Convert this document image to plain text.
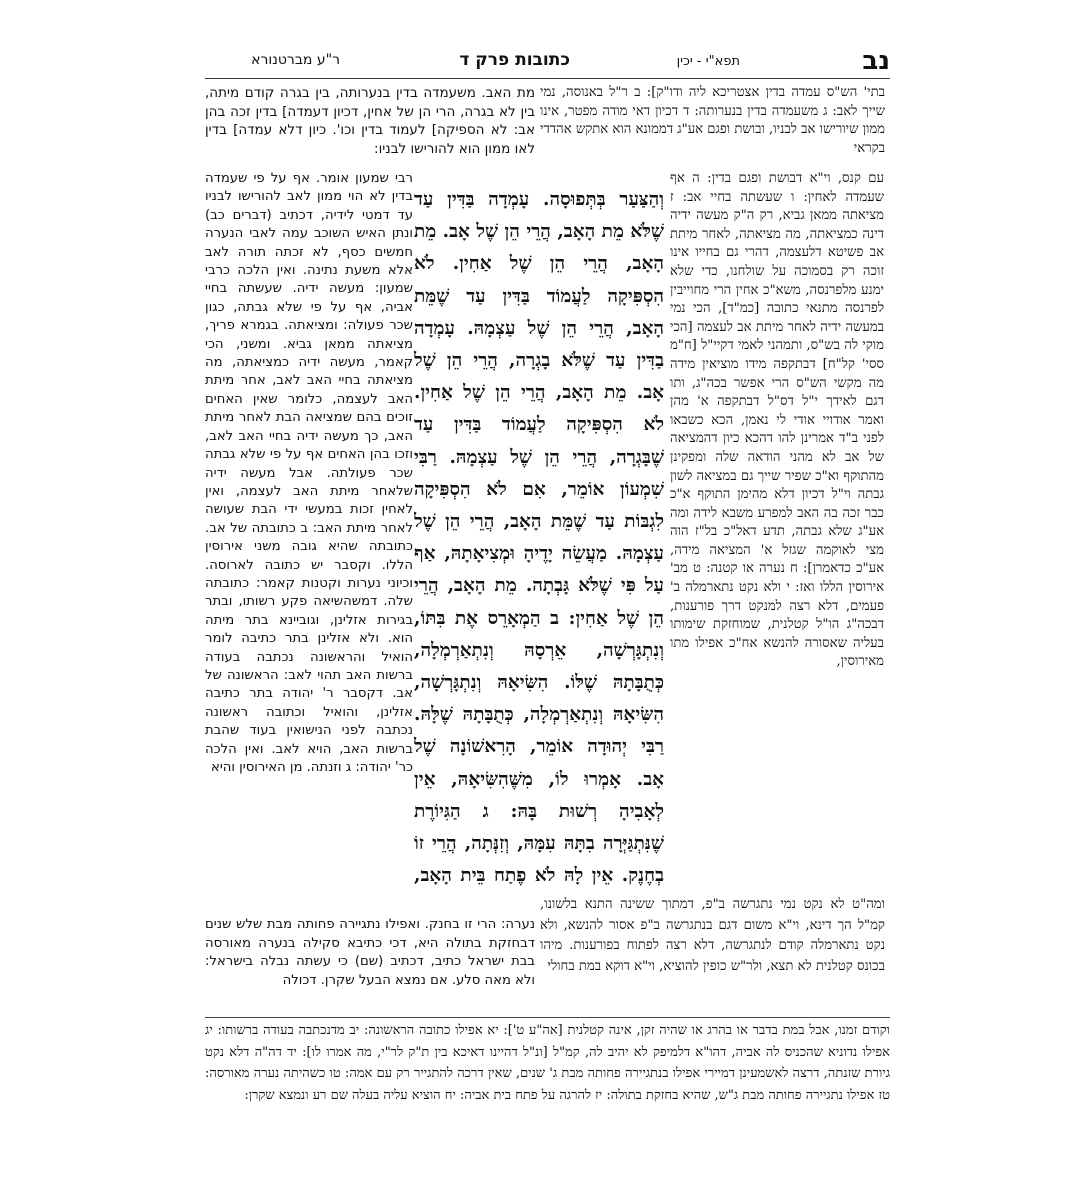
נב
תפא"י - יכין
כתובות פרק ד
ר"ע מברטנורא
בתי' הש"ס עמדה בדין אצטריכא ליה ודו"ק]: ב ר"ל באנוסה, נמי שייך לאב: ג משעמדה בדין בנערותה: ד דכיון דאי מודה מפטר, אינו ממון שיורישו אב לבניו, ובושת ופגם אע"ג דממונא הוא אתקש אהדדי בקראי
מת האב. משעמדה בדין בנערותה, בין בגרה קודם מיתה, בין לא בגרה, הרי הן של אחין, דכיון דעמדה] בדין זכה בהן אב: לא הספיקה] לעמוד בדין וכו'. כיון דלא עמדה] בדין לאו ממון הוא להורישו לבניו:
עם קנס, וי"א דבושת ופגם בדין: ה אף שעמדה לאחין: ו שעשתה בחיי אב: ז מציאתה ממאן גביא, רק ה"ק מעשה ידיה דינה כמציאתה, מה מציאתה, לאחר מיתת אב פשיטא דלעצמה, דהרי גם בחייו אינו זוכה רק בסמוכה על שולחנו, כדי שלא ימנע מלפרנסה, משא"כ אחין הרי מחוייבין לפרנסה מתנאי כתובה [כמ"ד], הכי נמי במעשה ידיה לאחר מיתת אב לעצמה [הכי מוקי לה בש"ס, ותמהני לאמי דקיי"ל [ח"מ ססי' קל"ח] דבתקפה מידו מוציאין מידה מה מקשי הש"ס הרי אפשר בכה"ג, ותו דגם לאידך י"ל דס"ל דבתקפה א' מהן ואמר אודויי אודי לי נאמן, הכא כשבאו לפני ב"ד אמרינן להו דהכא כיון דהמציאה של אב לא מהני הודאה שלה ומפקינן מהתוקף וא"כ שפיר שייך גם במציאה לשון גבתה וי"ל דכיון דלא מהימן התוקף א"כ כבר זכה בה האב למפרע משבא לידה ומה אע"ג שלא גבתה, תדע דאל"כ בל"ז הוה מצי לאוקמה שגזל א' המציאה מידה, אע"כ כדאמרן]: ח נערה או קטנה: ט מב' אירוסין הללו ואז: י ולא נקט נתארמלה ב' פעמים, דלא רצה למנקט דרך פורענות, דבכה"ג הו"ל קטלנית, שמוחזקת שימותו בעליה שאסורה להנשא אח"כ אפילו מתו מאירוסין,
רבי שמעון אומר. אף על פי שעמדה בדין לא הוי ממון לאב להורישו לבניו עד דמטי לידיה, דכתיב (דברים כב) ונתן האיש השוכב עמה לאבי הנערה חמשים כסף, לא זכתה תורה לאב אלא משעת נתינה. ואין הלכה כרבי שמעון: מעשה ידיה. שעשתה בחיי אביה, אף על פי שלא גבתה, כגון שכר פעולה: ומציאתה. בגמרא פריך, מציאתה ממאן גביא. ומשני, הכי קאמר, מעשה ידיה כמציאתה, מה מציאתה בחיי האב לאב, אחר מיתת האב לעצמה, כלומר שאין האחים זוכים בהם שמציאה הבת לאחר מיתת האב, כך מעשה ידיה בחיי האב לאב, וזכו בהן האחים אף על פי שלא גבתה שכר פעולתה. אבל מעשה ידיה שלאחר מיתת האב לעצמה, ואין לאחין זכות במעשי ידי הבת שעושה לאחר מיתת האב: ב כתובתה של אב. כתובתה שהיא גובה משני אירוסין הללו. וקסבר יש כתובה לארוסה. וכיוני נערות וקטנות קאמר: כתובתה שלה. דמשהשיאה פקע רשותו, ובתר בגירות אזלינן, וגוביינא בתר מיתה הוא. ולא אזלינן בתר כתיבה לומר הואיל והראשונה נכתבה בעודה ברשות האב תהוי לאב: הראשונה של אב. דקסבר ר' יהודה בתר כתיבה אזלינן, והואיל וכתובה ראשונה נכתבה לפני הנישואין בעוד שהבת ברשות האב, הויא לאב. ואין הלכה כר' יהודה: ג וזנתה. מן האירוסין והיא
וְהַצַּעַר בְּתְּפוּסָה. עָמְדָה בַּדִּין עַד שֶׁלֹּא מֵת הָאָב, הֲרֵי הֵן שֶׁל אָב. מֵת הָאָב, הֲרֵי הֵן שֶׁל אַחִין. לֹא הִסְפִּיקָה לַעֲמוֹד בַּדִּין עַד שֶׁמֵּת הָאָב, הֲרֵי הֵן שֶׁל עַצְמָהּ. עָמְדָה בַדִּין עַד שֶׁלֹּא בָגְרָה, הֲרֵי הֵן שֶׁל אָב. מֵת הָאָב, הֲרֵי הֵן שֶׁל אַחִין. לֹא הִסְפִּיקָה לַעֲמוֹד בַּדִּין עַד שֶׁבָּגְרָה, הֲרֵי הֵן שֶׁל עַצְמָהּ. רַבִּי שִׁמְעוֹן אוֹמֵר, אִם לֹא הִסְפִּיקָה לִגְבּוֹת עַד שֶׁמֵּת הָאָב, הֲרֵי הֵן שֶׁל עַצְמָהּ. מַעֲשֵׂה יָדֶיהָ וּמְצִיאָתָהּ, אַף עַל פִּי שֶׁלֹּא גָּבְתָה. מֵת הָאָב, הֲרֵי הֵן שֶׁל אַחִין: ב הַמְאָרֵס אֶת בִּתּוֹ, וְנִתְגָּרְשָׁה, אֵרְסָהּ וְנִתְאַרְמְלָה, כְּתֻבָּתָהּ שֶׁלּוֹ. הִשִּׂיאָהּ וְנִתְגָּרְשָׁה, הִשִּׂיאָהּ וְנִתְאַרְמְלָה, כְּתֻבָּתָהּ שֶׁלָּהּ. רַבִּי יְהוּדָה אוֹמֵר, הָרִאשׁוֹנָה שֶׁל אָב. אָמְרוּ לוֹ, מִשֶּׁהִשִּׂיאָהּ, אֵין לְאָבִיהָ רְשׁוּת בָּהּ: ג הַגִּיוֹרֶת שֶׁנִּתְגַּיְּרָה בִתָּהּ עִמָּהּ, וְזִנְּתָה, הֲרֵי זוֹ בְחֶנֶק. אֵין לָהּ לֹא פֶתַח בֵּית הָאָב,
ומה"ט לא נקט נמי נתגרשה ב"פ, דמתוך ששינה התנא בלשונו, קמ"ל הך דינא, וי"א משום דגם בנתגרשה ב"פ אסור להנשא, ולא נקט נתארמלה קודם לנתגרשה, דלא רצה לפתוח בפורענות. מיהו בכונס קטלנית לא תצא, ולר"ש כופין להוציא, וי"א דוקא במת בחולי
נערה: הרי זו בחנק. ואפילו נתגיירה פחותה מבת שלש שנים דבחזקת בתולה היא, דכי כתיבא סקילה בנערה מאורסה בבת ישראל כתיב, דכתיב (שם) כי עשתה נבלה בישראל: ולא מאה סלע. אם נמצא הבעל שקרן. דכולה
וקודם זמנו, אבל במת בדבר או בהרג או שהיה זקן, אינה קטלנית [אה"ע ט']: יא אפילו כתובה הראשונה: יב מדנכתבה בעודה ברשותו: יג אפילו נדוניא שהכניס לה אביה, דהו"א דלמיפק לא יהיב לה, קמ"ל [ונ"ל דהיינו דאיכא בין ת"ק לר"י, מה אמרו לו]: יד דה"ה דלא נקט גיורת שזנתה, דרצה לאשמעינן דמיירי אפילו בנתגיירה פחותה מבת ג' שנים, שאין דרכה להתגייר רק עם אמה: טו כשהיתה נערה מאורסה: טז אפילו נתגיירה פחותה מבת ג"ש, שהיא בחזקת בתולה: יז להרגה על פתח בית אביה: יח הוציא עליה בעלה שם רע ונמצא שקרן:
